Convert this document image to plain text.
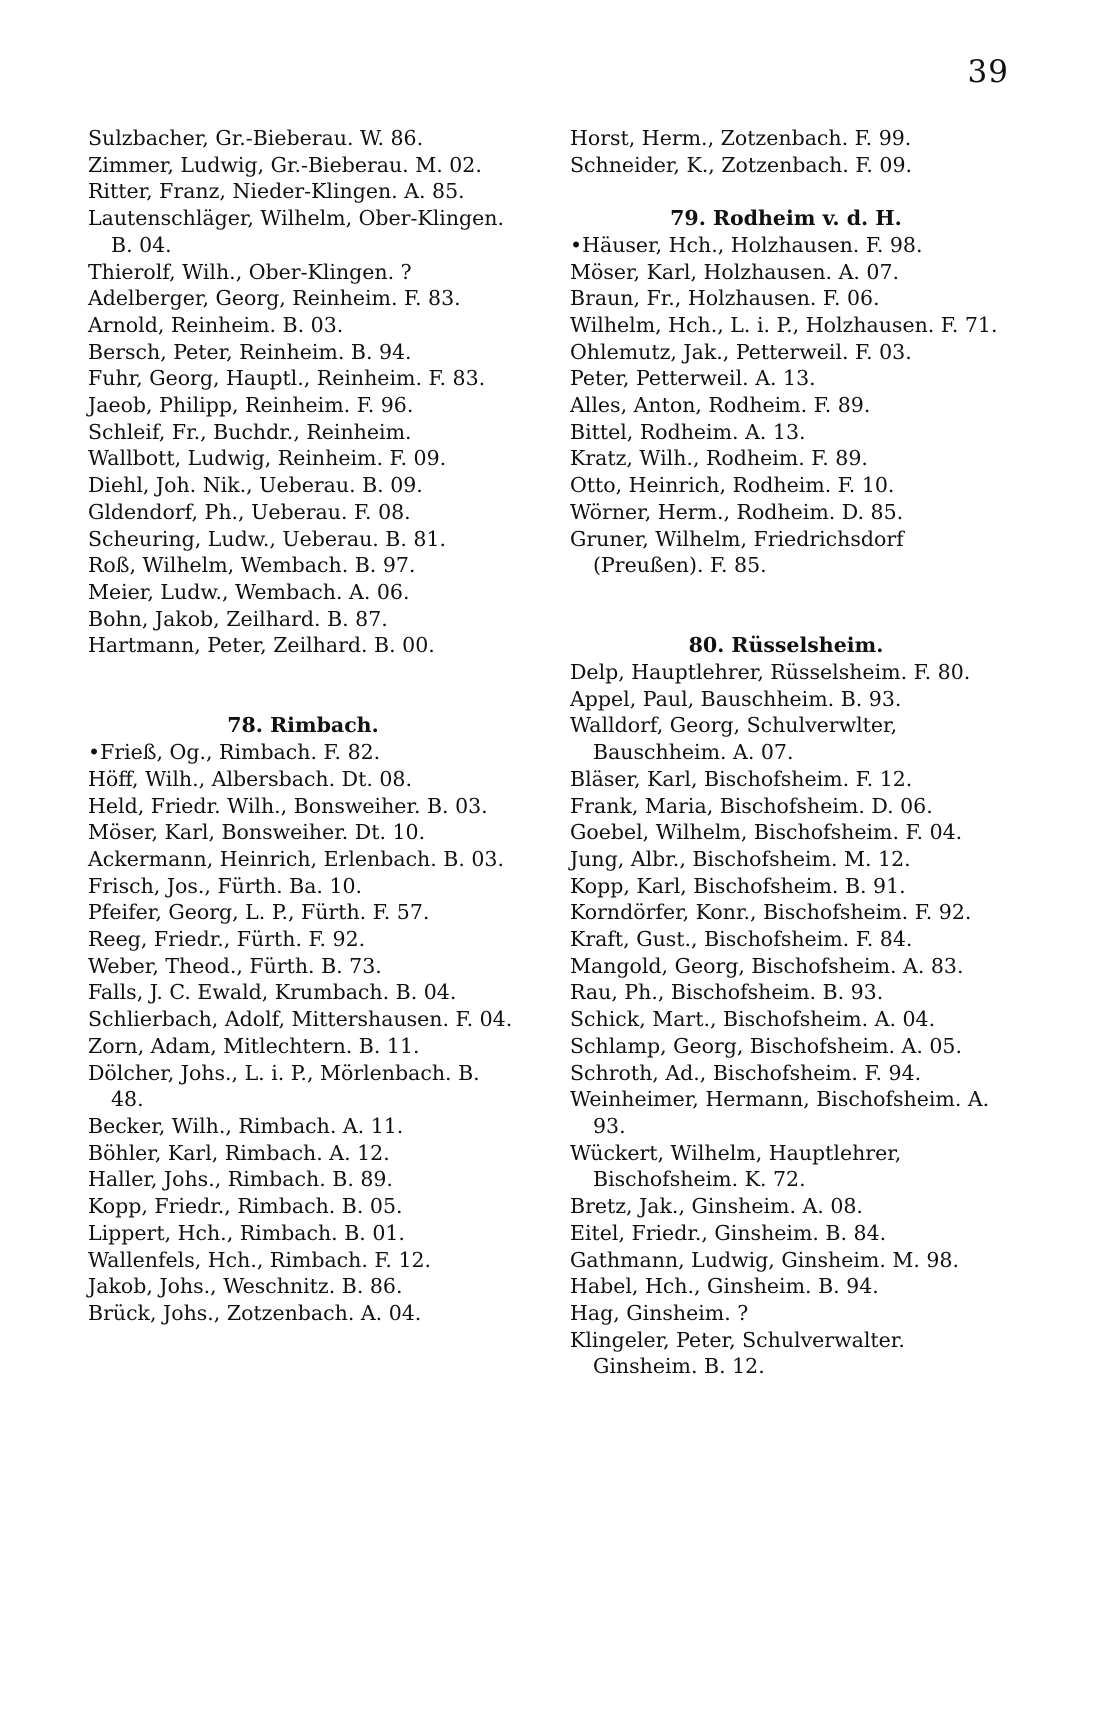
39
Sulzbacher, Gr.-Bieberau. W. 86.
Zimmer, Ludwig, Gr.-Bieberau. M. 02.
Ritter, Franz, Nieder-Klingen. A. 85.
Lautenschläger, Wilhelm, Ober-Klingen. B. 04.
Thierolf, Wilh., Ober-Klingen. ?
Adelberger, Georg, Reinheim. F. 83.
Arnold, Reinheim. B. 03.
Bersch, Peter, Reinheim. B. 94.
Fuhr, Georg, Hauptl., Reinheim. F. 83.
Jaeob, Philipp, Reinheim. F. 96.
Schleif, Fr., Buchdr., Reinheim.
Wallbott, Ludwig, Reinheim. F. 09.
Diehl, Joh. Nik., Ueberau. B. 09.
Gldendorf, Ph., Ueberau. F. 08.
Scheuring, Ludw., Ueberau. B. 81.
Roß, Wilhelm, Wembach. B. 97.
Meier, Ludw., Wembach. A. 06.
Bohn, Jakob, Zeilhard. B. 87.
Hartmann, Peter, Zeilhard. B. 00.
78. Rimbach.
•Frieß, Og., Rimbach. F. 82.
Höff, Wilh., Albersbach. Dt. 08.
Held, Friedr. Wilh., Bonsweiher. B. 03.
Möser, Karl, Bonsweiher. Dt. 10.
Ackermann, Heinrich, Erlenbach. B. 03.
Frisch, Jos., Fürth. Ba. 10.
Pfeifer, Georg, L. P., Fürth. F. 57.
Reeg, Friedr., Fürth. F. 92.
Weber, Theod., Fürth. B. 73.
Falls, J. C. Ewald, Krumbach. B. 04.
Schlierbach, Adolf, Mittershausen. F. 04.
Zorn, Adam, Mitlechtern. B. 11.
Dölcher, Johs., L. i. P., Mörlenbach. B. 48.
Becker, Wilh., Rimbach. A. 11.
Böhler, Karl, Rimbach. A. 12.
Haller, Johs., Rimbach. B. 89.
Kopp, Friedr., Rimbach. B. 05.
Lippert, Hch., Rimbach. B. 01.
Wallenfels, Hch., Rimbach. F. 12.
Jakob, Johs., Weschnitz. B. 86.
Brück, Johs., Zotzenbach. A. 04.
Horst, Herm., Zotzenbach. F. 99.
Schneider, K., Zotzenbach. F. 09.
79. Rodheim v. d. H.
•Häuser, Hch., Holzhausen. F. 98.
Möser, Karl, Holzhausen. A. 07.
Braun, Fr., Holzhausen. F. 06.
Wilhelm, Hch., L. i. P., Holzhausen. F. 71.
Ohlemutz, Jak., Petterweil. F. 03.
Peter, Petterweil. A. 13.
Alles, Anton, Rodheim. F. 89.
Bittel, Rodheim. A. 13.
Kratz, Wilh., Rodheim. F. 89.
Otto, Heinrich, Rodheim. F. 10.
Wörner, Herm., Rodheim. D. 85.
Gruner, Wilhelm, Friedrichsdorf (Preußen). F. 85.
80. Rüsselsheim.
Delp, Hauptlehrer, Rüsselsheim. F. 80.
Appel, Paul, Bauschheim. B. 93.
Walldorf, Georg, Schulverwlter, Bauschheim. A. 07.
Bläser, Karl, Bischofsheim. F. 12.
Frank, Maria, Bischofsheim. D. 06.
Goebel, Wilhelm, Bischofsheim. F. 04.
Jung, Albr., Bischofsheim. M. 12.
Kopp, Karl, Bischofsheim. B. 91.
Korndörfer, Konr., Bischofsheim. F. 92.
Kraft, Gust., Bischofsheim. F. 84.
Mangold, Georg, Bischofsheim. A. 83.
Rau, Ph., Bischofsheim. B. 93.
Schick, Mart., Bischofsheim. A. 04.
Schlamp, Georg, Bischofsheim. A. 05.
Schroth, Ad., Bischofsheim. F. 94.
Weinheimer, Hermann, Bischofsheim. A. 93.
Wückert, Wilhelm, Hauptlehrer, Bischofsheim. K. 72.
Bretz, Jak., Ginsheim. A. 08.
Eitel, Friedr., Ginsheim. B. 84.
Gathmann, Ludwig, Ginsheim. M. 98.
Habel, Hch., Ginsheim. B. 94.
Hag, Ginsheim. ?
Klingeler, Peter, Schulverwalter. Ginsheim. B. 12.
